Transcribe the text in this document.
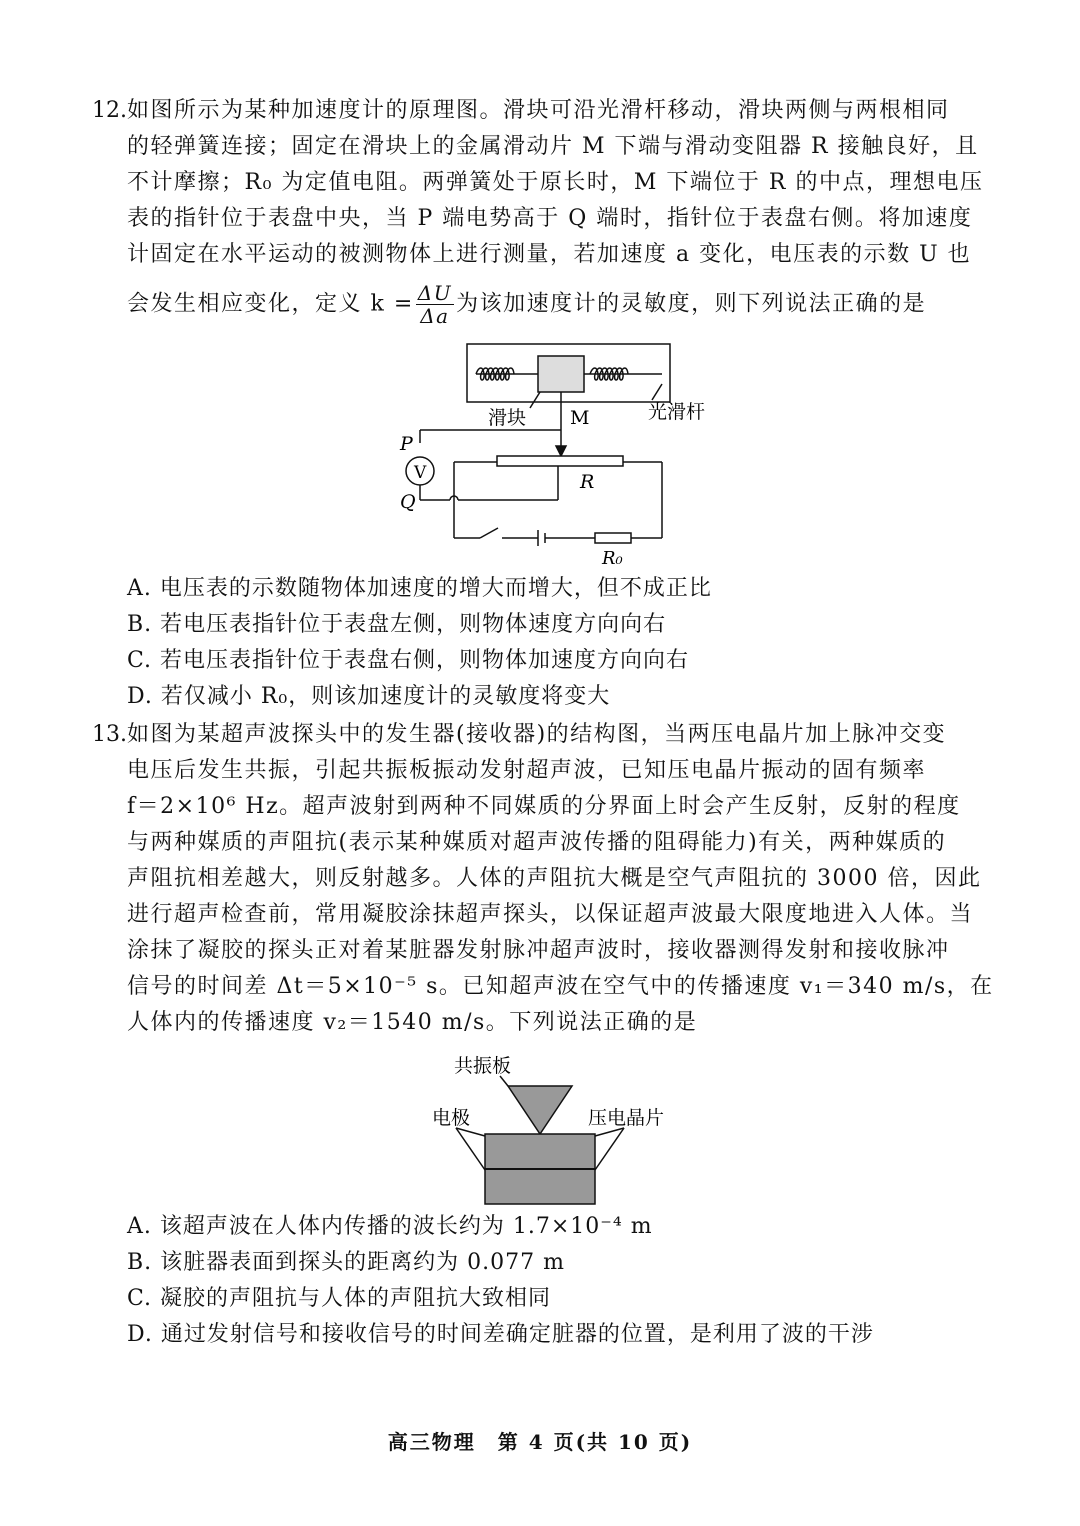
12. 如图所示为某种加速度计的原理图。滑块可沿光滑杆移动，滑块两侧与两根相同
的轻弹簧连接；固定在滑块上的金属滑动片 M 下端与滑动变阻器 R 接触良好，且
不计摩擦；R₀ 为定值电阻。两弹簧处于原长时，M 下端位于 R 的中点，理想电压
表的指针位于表盘中央，当 P 端电势高于 Q 端时，指针位于表盘右侧。将加速度
计固定在水平运动的被测物体上进行测量，若加速度 a 变化，电压表的示数 U 也
会发生相应变化，定义 $k = \frac{\Delta U}{\Delta a}$ 为该加速度计的灵敏度，则下列说法正确的是
滑块 M	光滑杆
P
V
Q
R
R₀
A. 电压表的示数随物体加速度的增大而增大，但不成正比
B. 若电压表指针位于表盘左侧，则物体速度方向向右
C. 若电压表指针位于表盘右侧，则物体加速度方向向右
D. 若仅减小 R₀，则该加速度计的灵敏度将变大
13. 如图为某超声波探头中的发生器(接收器)的结构图，当两压电晶片加上脉冲交变
电压后发生共振，引起共振板振动发射超声波，已知压电晶片振动的固有频率
f＝2×10⁶ Hz。超声波射到两种不同媒质的分界面上时会产生反射，反射的程度
与两种媒质的声阻抗(表示某种媒质对超声波传播的阻碍能力)有关，两种媒质的
声阻抗相差越大，则反射越多。人体的声阻抗大概是空气声阻抗的 3000 倍，因此
进行超声检查前，常用凝胶涂抹超声探头，以保证超声波最大限度地进入人体。当
涂抹了凝胶的探头正对着某脏器发射脉冲超声波时，接收器测得发射和接收脉冲
信号的时间差 Δt＝5×10⁻⁵ s。已知超声波在空气中的传播速度 v₁＝340 m/s，在
人体内的传播速度 v₂＝1540 m/s。下列说法正确的是
共振板
电极	压电晶片
A. 该超声波在人体内传播的波长约为 1.7×10⁻⁴ m
B. 该脏器表面到探头的距离约为 0.077 m
C. 凝胶的声阻抗与人体的声阻抗大致相同
D. 通过发射信号和接收信号的时间差确定脏器的位置，是利用了波的干涉
高三物理　第 4 页(共 10 页)
